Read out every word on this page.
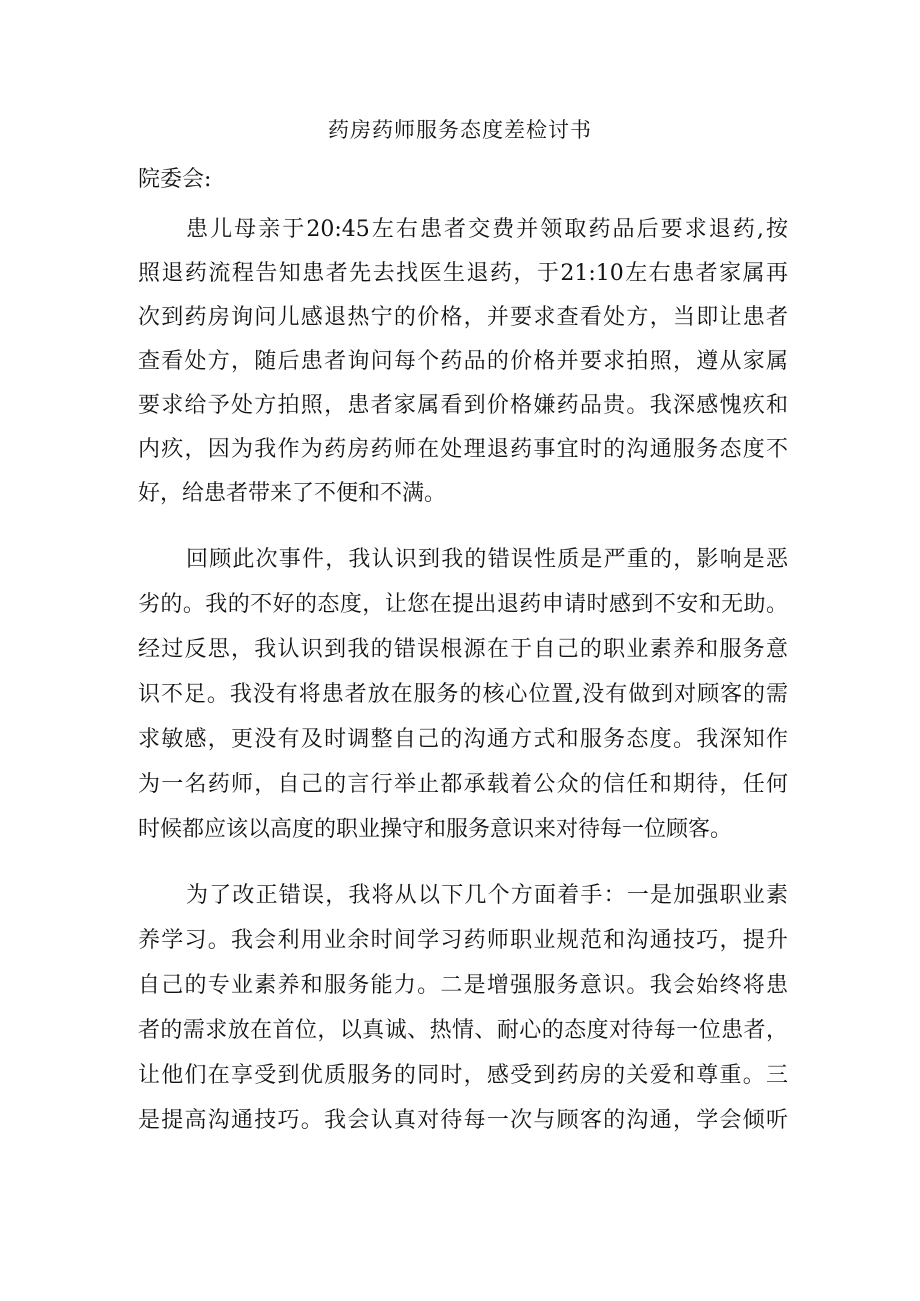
药房药师服务态度差检讨书

院委会:

患儿母亲于20:45左右患者交费并领取药品后要求退药,按

照退药流程告知患者先去找医生退药，于21:10左右患者家属再

次到药房询问儿感退热宁的价格，并要求查看处方，当即让患者

查看处方，随后患者询问每个药品的价格并要求拍照，遵从家属

要求给予处方拍照，患者家属看到价格嫌药品贵。我深感愧疚和

内疚，因为我作为药房药师在处理退药事宜时的沟通服务态度不

好，给患者带来了不便和不满。

回顾此次事件，我认识到我的错误性质是严重的，影响是恶

劣的。我的不好的态度，让您在提出退药申请时感到不安和无助。

经过反思，我认识到我的错误根源在于自己的职业素养和服务意

识不足。我没有将患者放在服务的核心位置,没有做到对顾客的需

求敏感，更没有及时调整自己的沟通方式和服务态度。我深知作

为一名药师，自己的言行举止都承载着公众的信任和期待，任何

时候都应该以高度的职业操守和服务意识来对待每一位顾客。

为了改正错误，我将从以下几个方面着手：一是加强职业素

养学习。我会利用业余时间学习药师职业规范和沟通技巧，提升

自己的专业素养和服务能力。二是增强服务意识。我会始终将患

者的需求放在首位，以真诚、热情、耐心的态度对待每一位患者，

让他们在享受到优质服务的同时，感受到药房的关爱和尊重。三

是提高沟通技巧。我会认真对待每一次与顾客的沟通，学会倾听
